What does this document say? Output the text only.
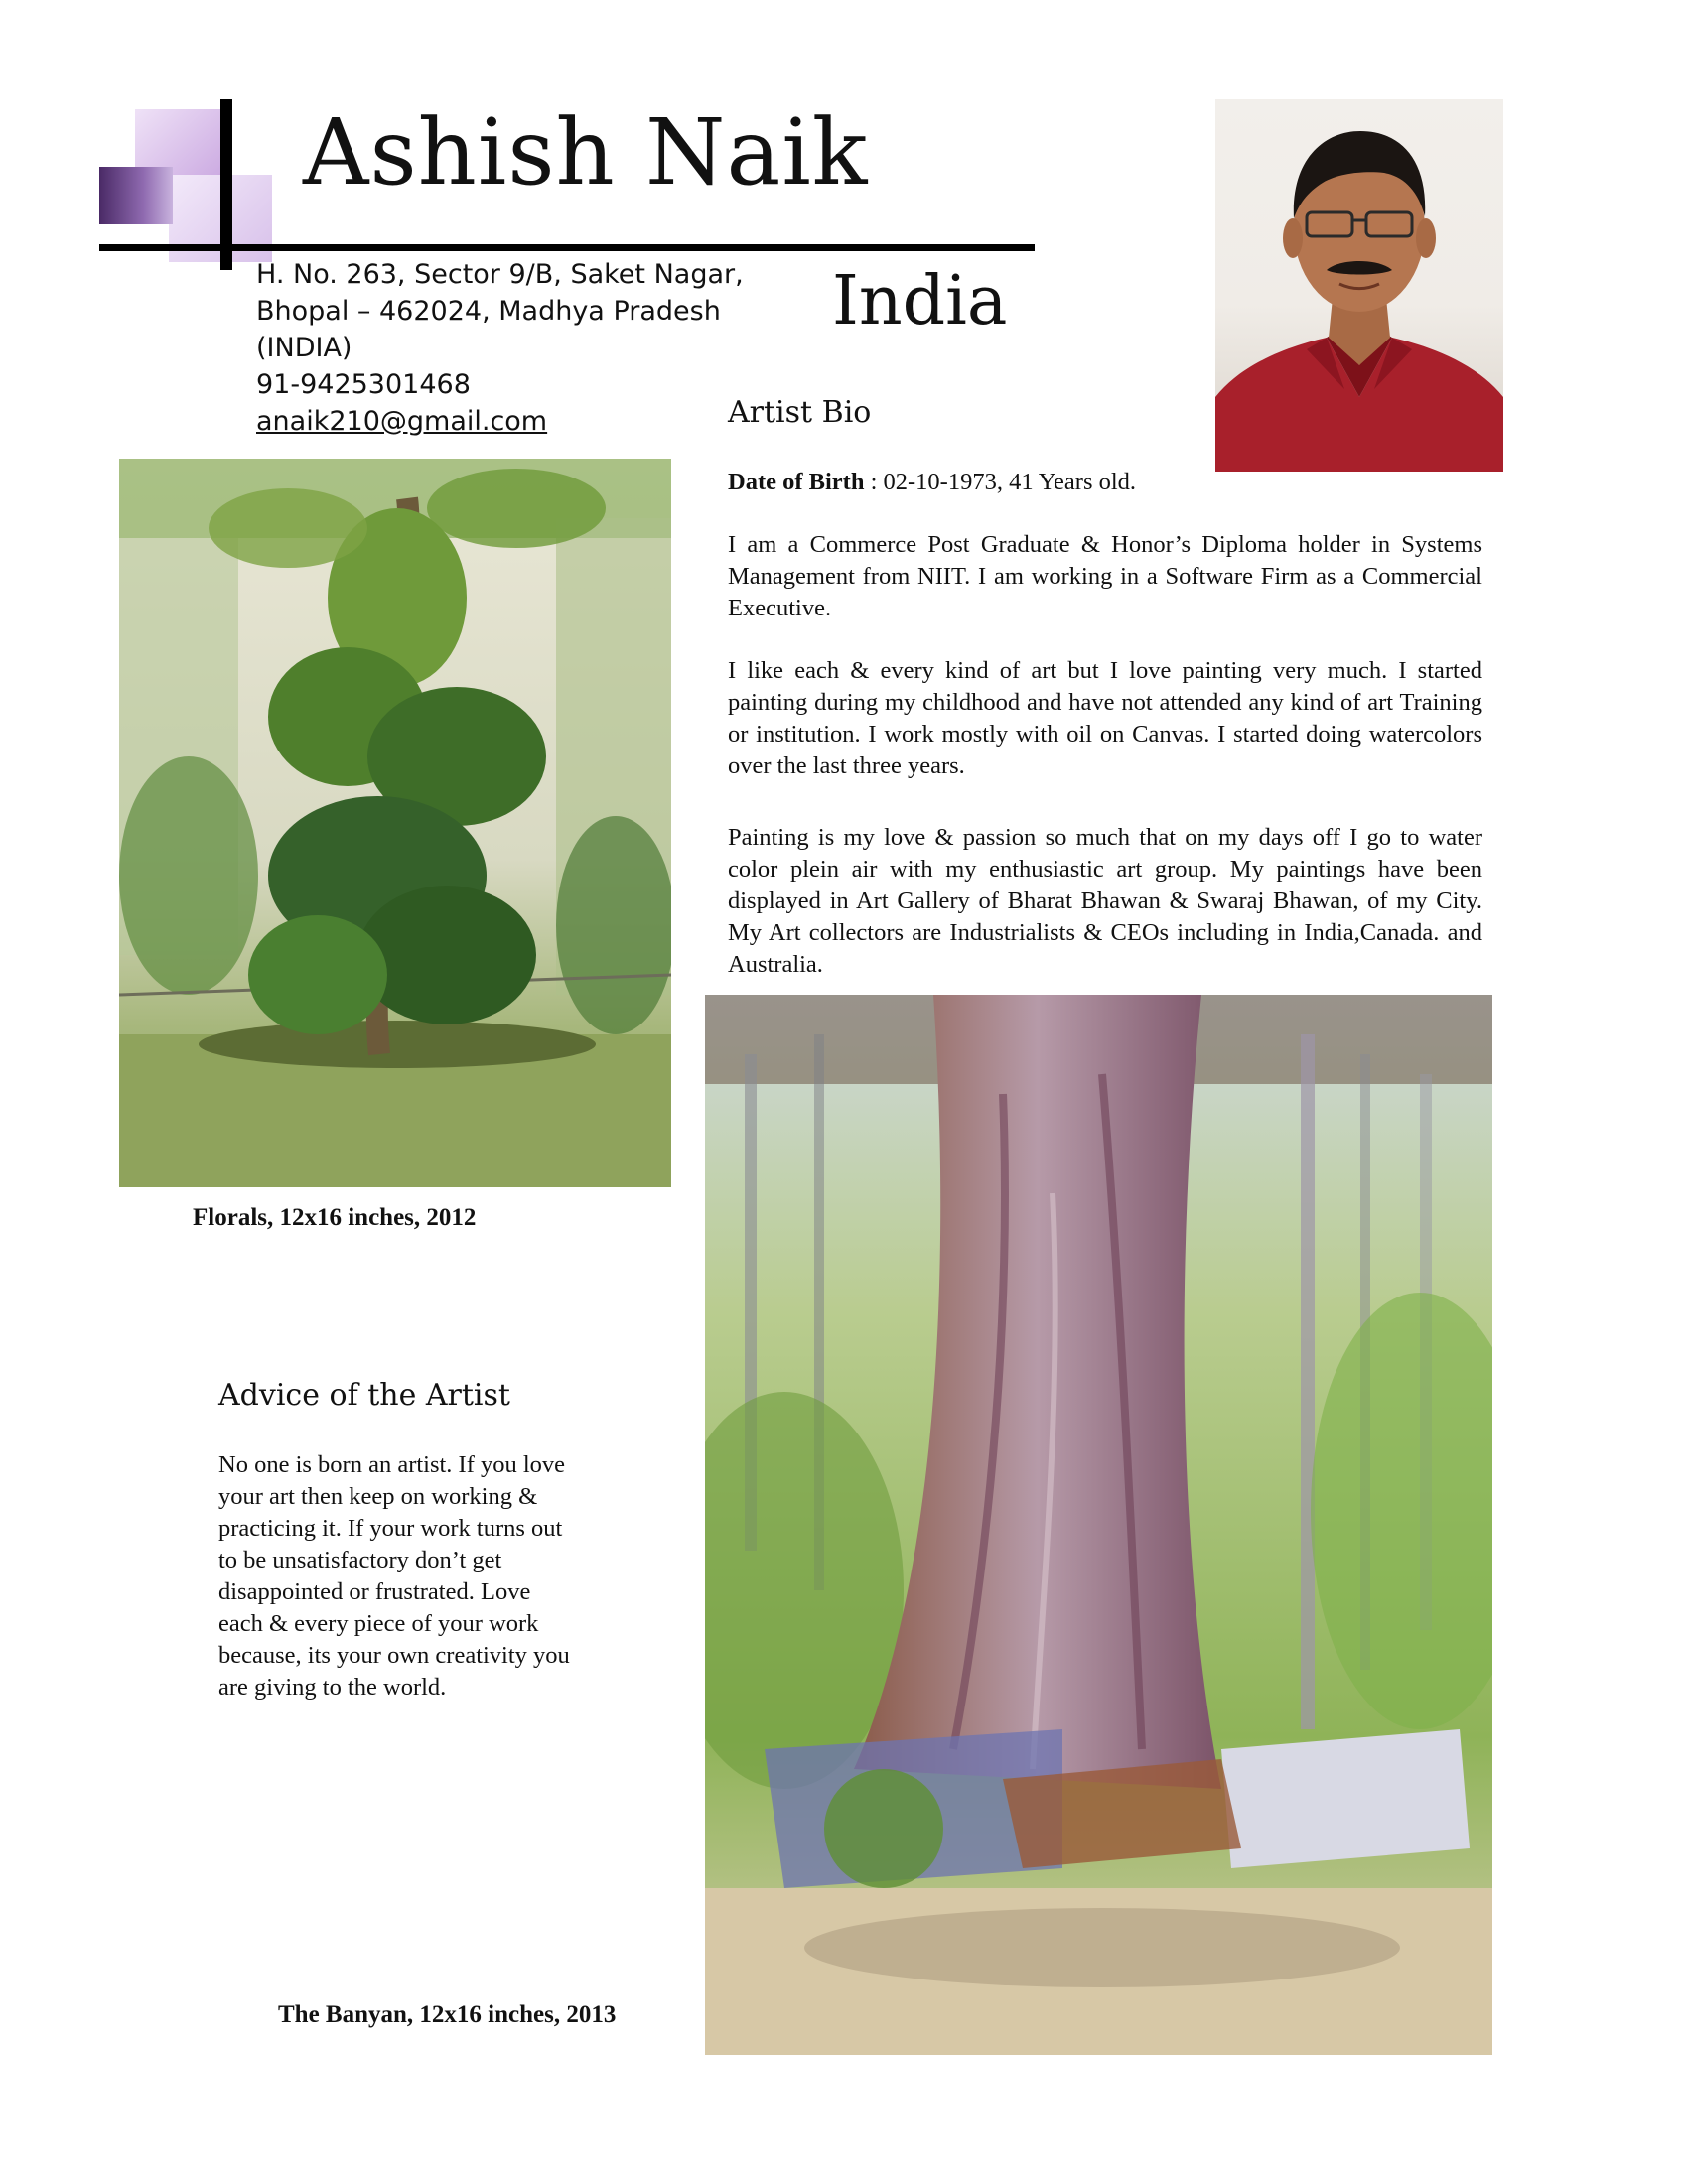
Ashish Naik
India
H. No. 263, Sector 9/B, Saket Nagar,
Bhopal – 462024, Madhya Pradesh
(INDIA)
91-9425301468
anaik210@gmail.com	Artist Bio
Date of Birth : 02-10-1973, 41 Years old.

I am a Commerce Post Graduate & Honor’s Diploma holder in Systems Management from NIIT. I am working in a Software Firm as a Commercial Executive.

I like each & every kind of art but I love painting very much. I started painting during my childhood and have not attended any kind of art Training or institution. I work mostly with oil on Canvas. I started doing watercolors over the last three years.

Painting is my love & passion so much that on my days off I go to water color plein air with my enthusiastic art group. My paintings have been displayed in Art Gallery of Bharat Bhawan & Swaraj Bhawan, of my City. My Art collectors are Industrialists & CEOs including in India,Canada. and Australia.

Florals, 12x16 inches, 2012
Advice of the Artist
No one is born an artist. If you love your art then keep on working & practicing it. If your work turns out to be unsatisfactory don’t get disappointed or frustrated. Love each & every piece of your work because, its your own creativity you are giving to the world.
The Banyan, 12x16 inches, 2013
